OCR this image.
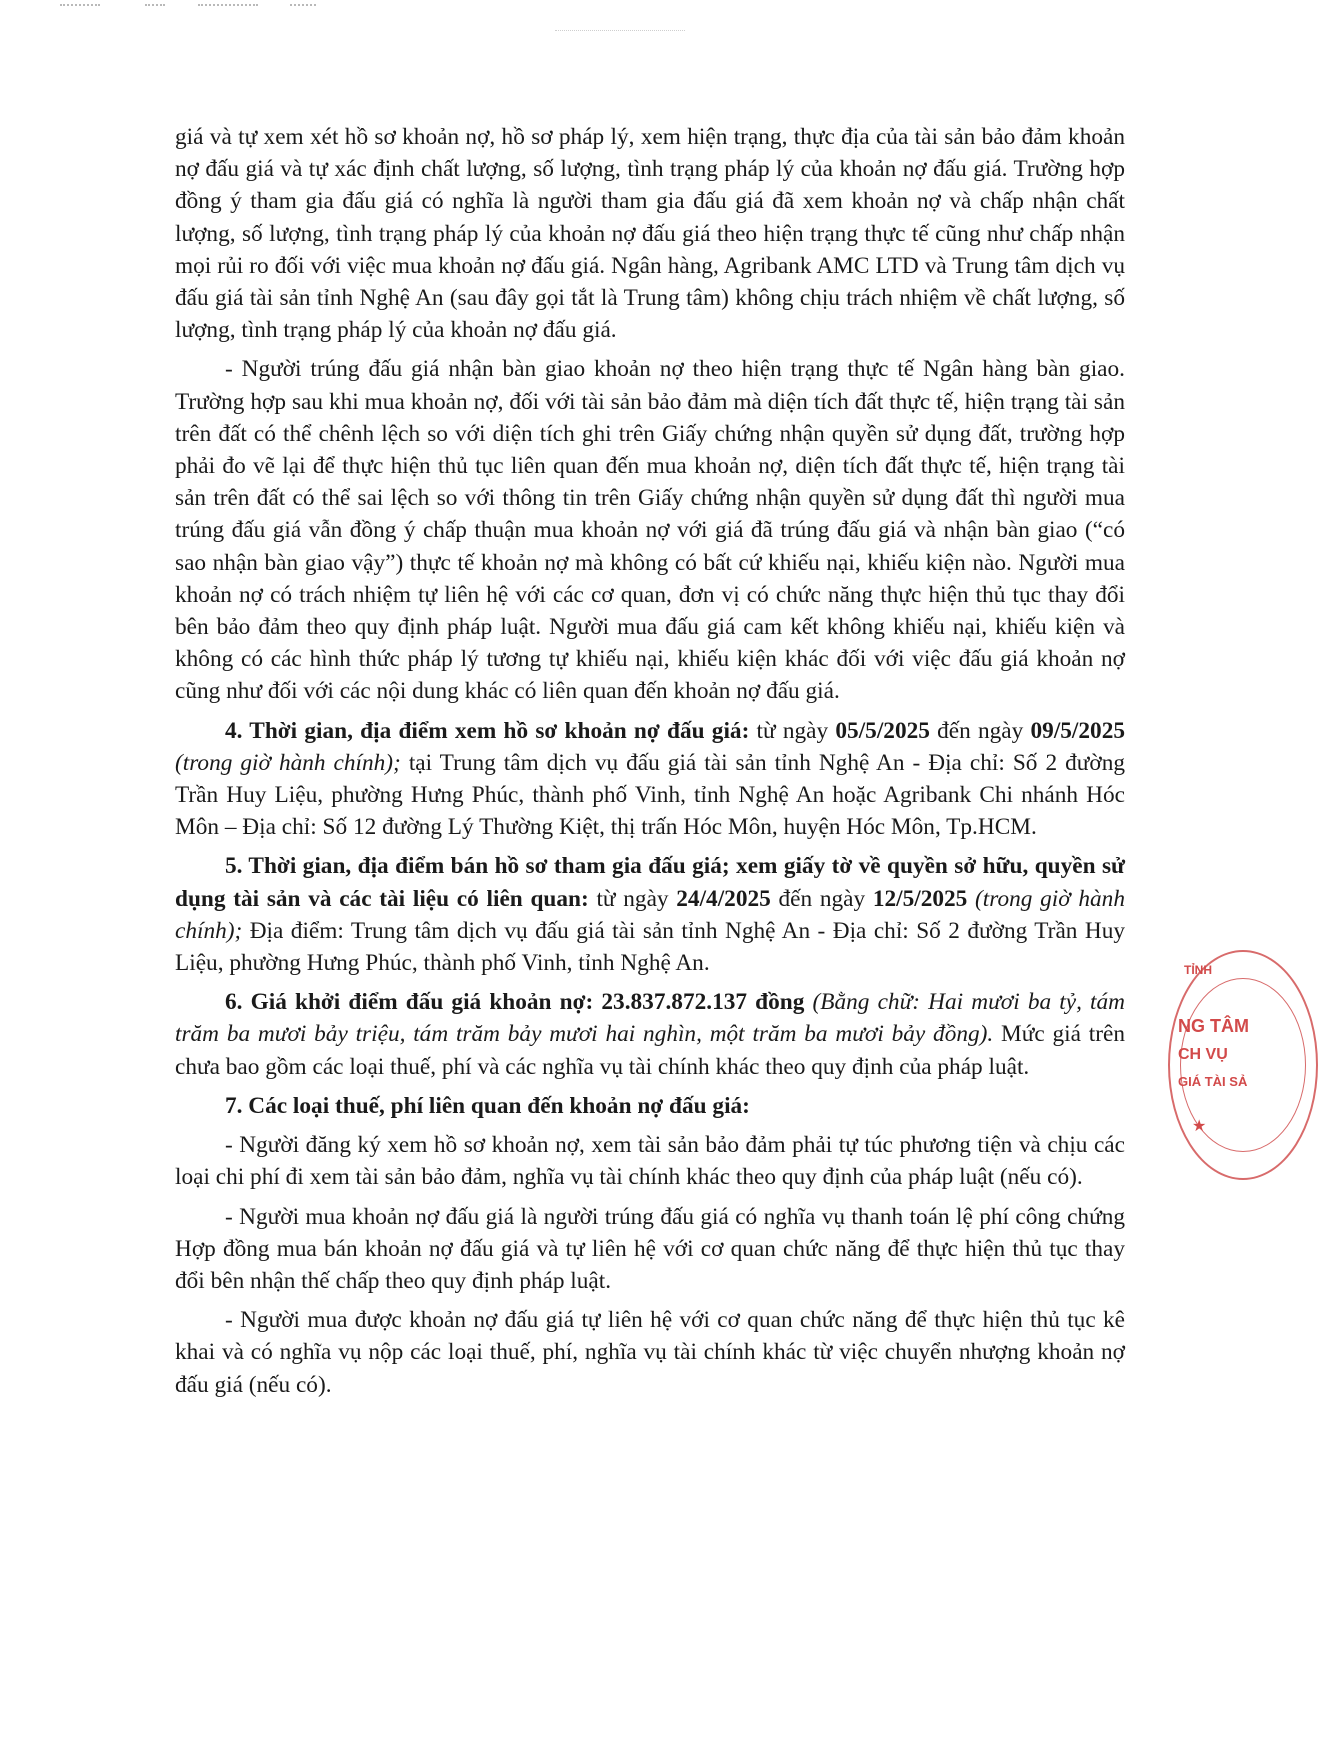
giá và tự xem xét hồ sơ khoản nợ, hồ sơ pháp lý, xem hiện trạng, thực địa của tài sản bảo đảm khoản nợ đấu giá và tự xác định chất lượng, số lượng, tình trạng pháp lý của khoản nợ đấu giá. Trường hợp đồng ý tham gia đấu giá có nghĩa là người tham gia đấu giá đã xem khoản nợ và chấp nhận chất lượng, số lượng, tình trạng pháp lý của khoản nợ đấu giá theo hiện trạng thực tế cũng như chấp nhận mọi rủi ro đối với việc mua khoản nợ đấu giá. Ngân hàng, Agribank AMC LTD và Trung tâm dịch vụ đấu giá tài sản tỉnh Nghệ An (sau đây gọi tắt là Trung tâm) không chịu trách nhiệm về chất lượng, số lượng, tình trạng pháp lý của khoản nợ đấu giá.

- Người trúng đấu giá nhận bàn giao khoản nợ theo hiện trạng thực tế Ngân hàng bàn giao. Trường hợp sau khi mua khoản nợ, đối với tài sản bảo đảm mà diện tích đất thực tế, hiện trạng tài sản trên đất có thể chênh lệch so với diện tích ghi trên Giấy chứng nhận quyền sử dụng đất, trường hợp phải đo vẽ lại để thực hiện thủ tục liên quan đến mua khoản nợ, diện tích đất thực tế, hiện trạng tài sản trên đất có thể sai lệch so với thông tin trên Giấy chứng nhận quyền sử dụng đất thì người mua trúng đấu giá vẫn đồng ý chấp thuận mua khoản nợ với giá đã trúng đấu giá và nhận bàn giao (“có sao nhận bàn giao vậy”) thực tế khoản nợ mà không có bất cứ khiếu nại, khiếu kiện nào. Người mua khoản nợ có trách nhiệm tự liên hệ với các cơ quan, đơn vị có chức năng thực hiện thủ tục thay đổi bên bảo đảm theo quy định pháp luật. Người mua đấu giá cam kết không khiếu nại, khiếu kiện và không có các hình thức pháp lý tương tự khiếu nại, khiếu kiện khác đối với việc đấu giá khoản nợ cũng như đối với các nội dung khác có liên quan đến khoản nợ đấu giá.

4. Thời gian, địa điểm xem hồ sơ khoản nợ đấu giá: từ ngày 05/5/2025 đến ngày 09/5/2025 (trong giờ hành chính); tại Trung tâm dịch vụ đấu giá tài sản tỉnh Nghệ An - Địa chỉ: Số 2 đường Trần Huy Liệu, phường Hưng Phúc, thành phố Vinh, tỉnh Nghệ An hoặc Agribank Chi nhánh Hóc Môn – Địa chỉ: Số 12 đường Lý Thường Kiệt, thị trấn Hóc Môn, huyện Hóc Môn, Tp.HCM.

5. Thời gian, địa điểm bán hồ sơ tham gia đấu giá; xem giấy tờ về quyền sở hữu, quyền sử dụng tài sản và các tài liệu có liên quan: từ ngày 24/4/2025 đến ngày 12/5/2025 (trong giờ hành chính); Địa điểm: Trung tâm dịch vụ đấu giá tài sản tỉnh Nghệ An - Địa chỉ: Số 2 đường Trần Huy Liệu, phường Hưng Phúc, thành phố Vinh, tỉnh Nghệ An.

6. Giá khởi điểm đấu giá khoản nợ: 23.837.872.137 đồng (Bằng chữ: Hai mươi ba tỷ, tám trăm ba mươi bảy triệu, tám trăm bảy mươi hai nghìn, một trăm ba mươi bảy đồng). Mức giá trên chưa bao gồm các loại thuế, phí và các nghĩa vụ tài chính khác theo quy định của pháp luật.

7. Các loại thuế, phí liên quan đến khoản nợ đấu giá:

- Người đăng ký xem hồ sơ khoản nợ, xem tài sản bảo đảm phải tự túc phương tiện và chịu các loại chi phí đi xem tài sản bảo đảm, nghĩa vụ tài chính khác theo quy định của pháp luật (nếu có).

- Người mua khoản nợ đấu giá là người trúng đấu giá có nghĩa vụ thanh toán lệ phí công chứng Hợp đồng mua bán khoản nợ đấu giá và tự liên hệ với cơ quan chức năng để thực hiện thủ tục thay đổi bên nhận thế chấp theo quy định pháp luật.

- Người mua được khoản nợ đấu giá tự liên hệ với cơ quan chức năng để thực hiện thủ tục kê khai và có nghĩa vụ nộp các loại thuế, phí, nghĩa vụ tài chính khác từ việc chuyển nhượng khoản nợ đấu giá (nếu có).

TỈNH
NG TÂM
CH VỤ
GIÁ TÀI SẢ
★
